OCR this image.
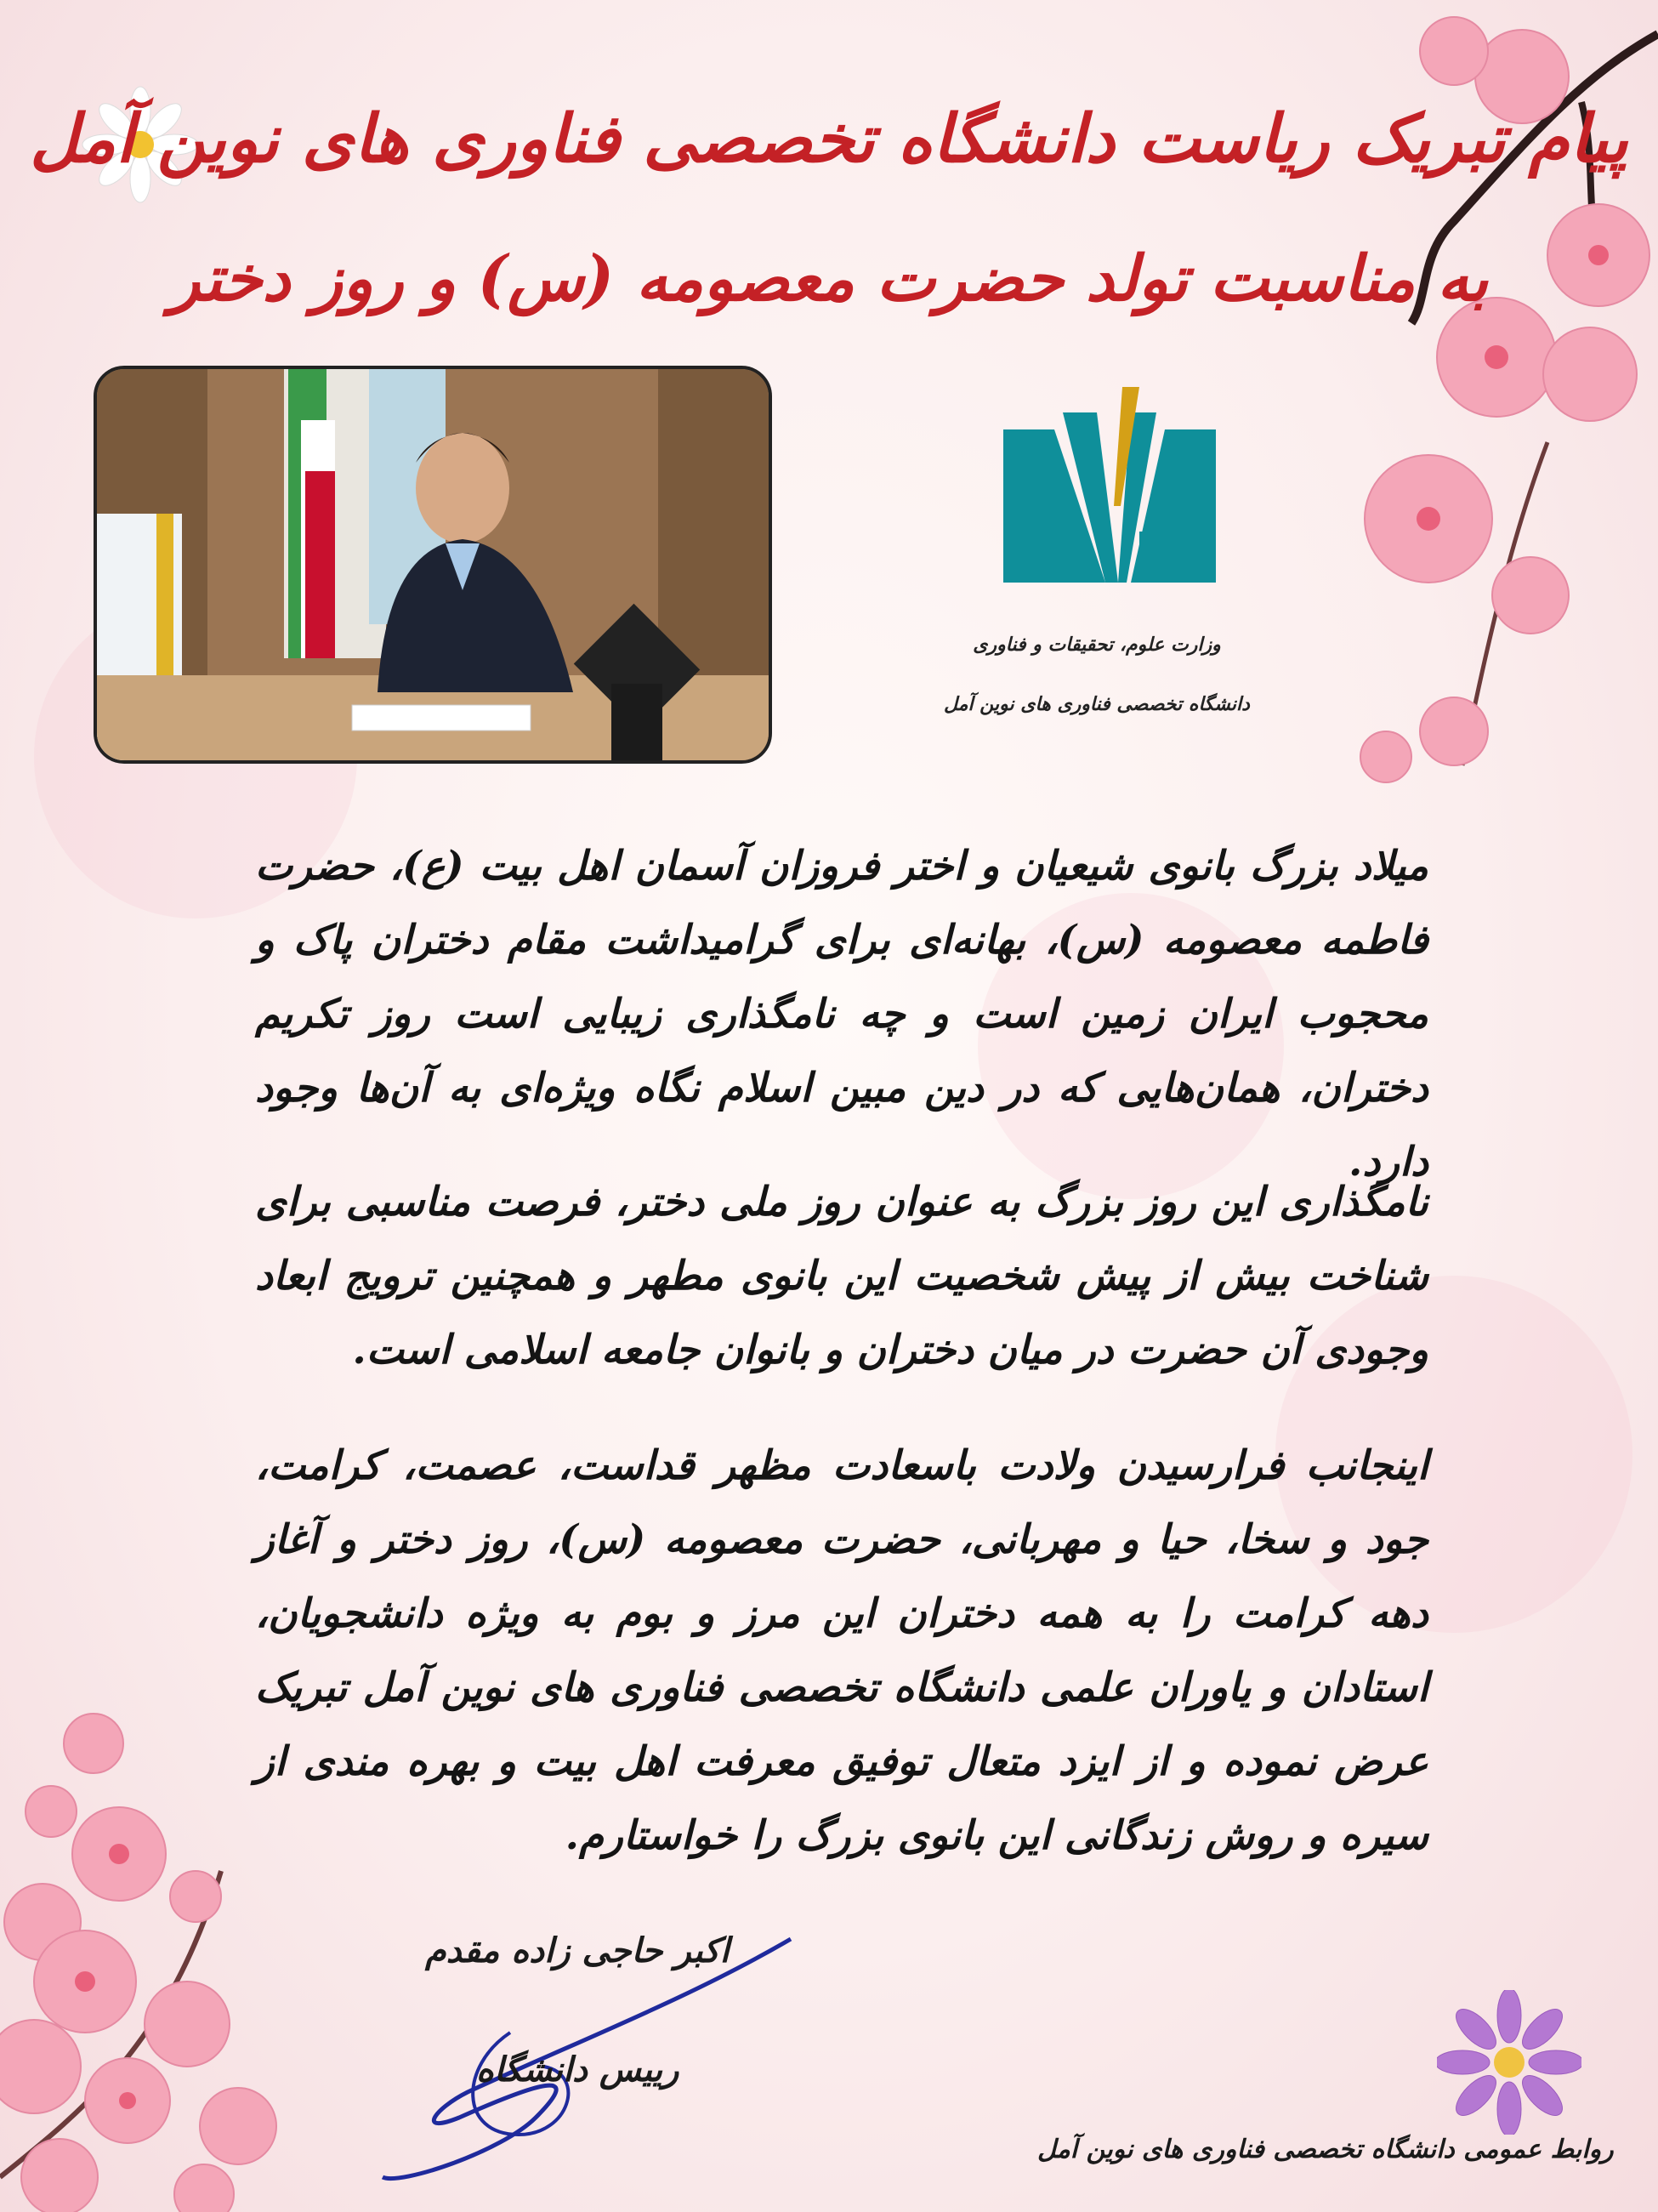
پیام تبریک ریاست دانشگاه تخصصی فناوری های نوین آمل
به مناسبت تولد حضرت معصومه (س) و روز دختر
وزارت علوم، تحقیقات و فناوری
دانشگاه تخصصی فناوری های نوین آمل
میلاد بزرگ بانوی شیعیان و اختر فروزان آسمان اهل بیت (ع)، حضرت فاطمه معصومه (س)، بهانه‌ای برای گرامیداشت مقام دختران پاک و محجوب ایران زمین است و چه نامگذاری زیبایی است روز تکریم دختران، همان‌هایی که در دین مبین اسلام نگاه ویژه‌ای به آن‌ها وجود دارد.
نامگذاری این روز بزرگ به عنوان روز ملی دختر، فرصت مناسبی برای شناخت بیش از پیش شخصیت این بانوی مطهر و همچنین ترویج ابعاد وجودی آن حضرت در میان دختران و بانوان جامعه اسلامی است.
اینجانب فرارسیدن ولادت باسعادت مظهر قداست، عصمت، کرامت، جود و سخا، حیا و مهربانی، حضرت معصومه (س)، روز دختر و آغاز دهه کرامت را به همه دختران این مرز و بوم به ویژه دانشجویان، استادان و یاوران علمی دانشگاه تخصصی فناوری های نوین آمل تبریک عرض نموده و از ایزد متعال توفیق معرفت اهل بیت و بهره مندی از سیره و روش زندگانی این بانوی بزرگ را خواستارم.
اکبر حاجی زاده مقدم
رییس دانشگاه
روابط عمومی دانشگاه تخصصی فناوری های نوین آمل
